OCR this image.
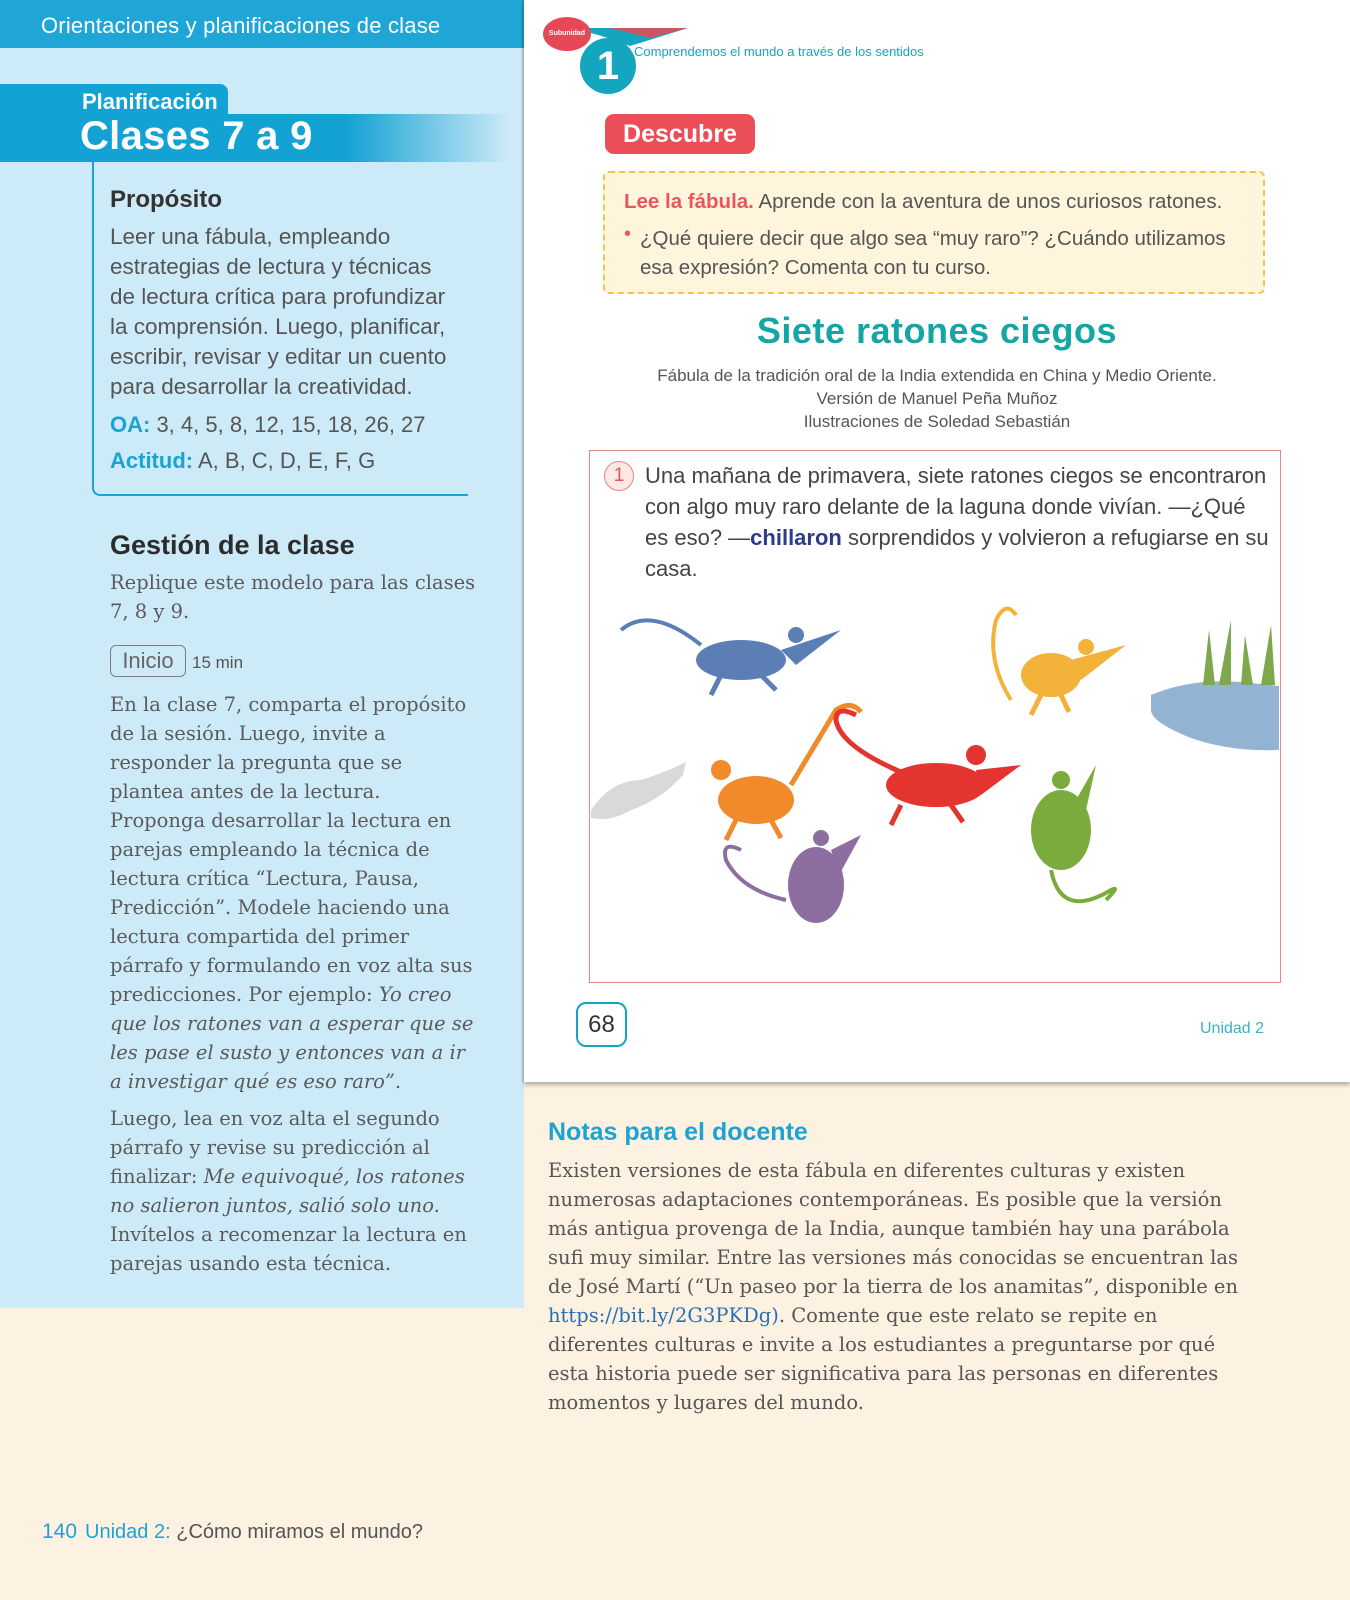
Orientaciones y planificaciones de clase
Planificación
Clases 7 a 9
Propósito
Leer una fábula, empleando estrategias de lectura y técnicas de lectura crítica para profundizar la comprensión. Luego, planificar, escribir, revisar y editar un cuento para desarrollar la creatividad.
OA: 3, 4, 5, 8, 12, 15, 18, 26, 27
Actitud: A, B, C, D, E, F, G
Gestión de la clase
Replique este modelo para las clases 7, 8 y 9.
Inicio	15 min
En la clase 7, comparta el propósito de la sesión. Luego, invite a responder la pregunta que se plantea antes de la lectura. Proponga desarrollar la lectura en parejas empleando la técnica de lectura crítica “Lectura, Pausa, Predicción”. Modele haciendo una lectura compartida del primer párrafo y formulando en voz alta sus predicciones. Por ejemplo: Yo creo que los ratones van a esperar que se les pase el susto y entonces van a ir a investigar qué es eso raro”.
Luego, lea en voz alta el segundo párrafo y revise su predicción al finalizar: Me equivoqué, los ratones no salieron juntos, salió solo uno. Invítelos a recomenzar la lectura en parejas usando esta técnica.
1
Subunidad
Comprendemos el mundo a través de los sentidos
Descubre
Lee la fábula. Aprende con la aventura de unos curiosos ratones.
• ¿Qué quiere decir que algo sea “muy raro”? ¿Cuándo utilizamos esa expresión? Comenta con tu curso.
Siete ratones ciegos
Fábula de la tradición oral de la India extendida en China y Medio Oriente.
Versión de Manuel Peña Muñoz
Ilustraciones de Soledad Sebastián
1 Una mañana de primavera, siete ratones ciegos se encontraron con algo muy raro delante de la laguna donde vivían. —¿Qué es eso? —chillaron sorprendidos y volvieron a refugiarse en su casa.
68	Unidad 2
Notas para el docente
Existen versiones de esta fábula en diferentes culturas y existen numerosas adaptaciones contemporáneas. Es posible que la versión más antigua provenga de la India, aunque también hay una parábola sufi muy similar. Entre las versiones más conocidas se encuentran las de José Martí (“Un paseo por la tierra de los anamitas”, disponible en https://bit.ly/2G3PKDg). Comente que este relato se repite en diferentes culturas e invite a los estudiantes a preguntarse por qué esta historia puede ser significativa para las personas en diferentes momentos y lugares del mundo.
140 Unidad 2: ¿Cómo miramos el mundo?
